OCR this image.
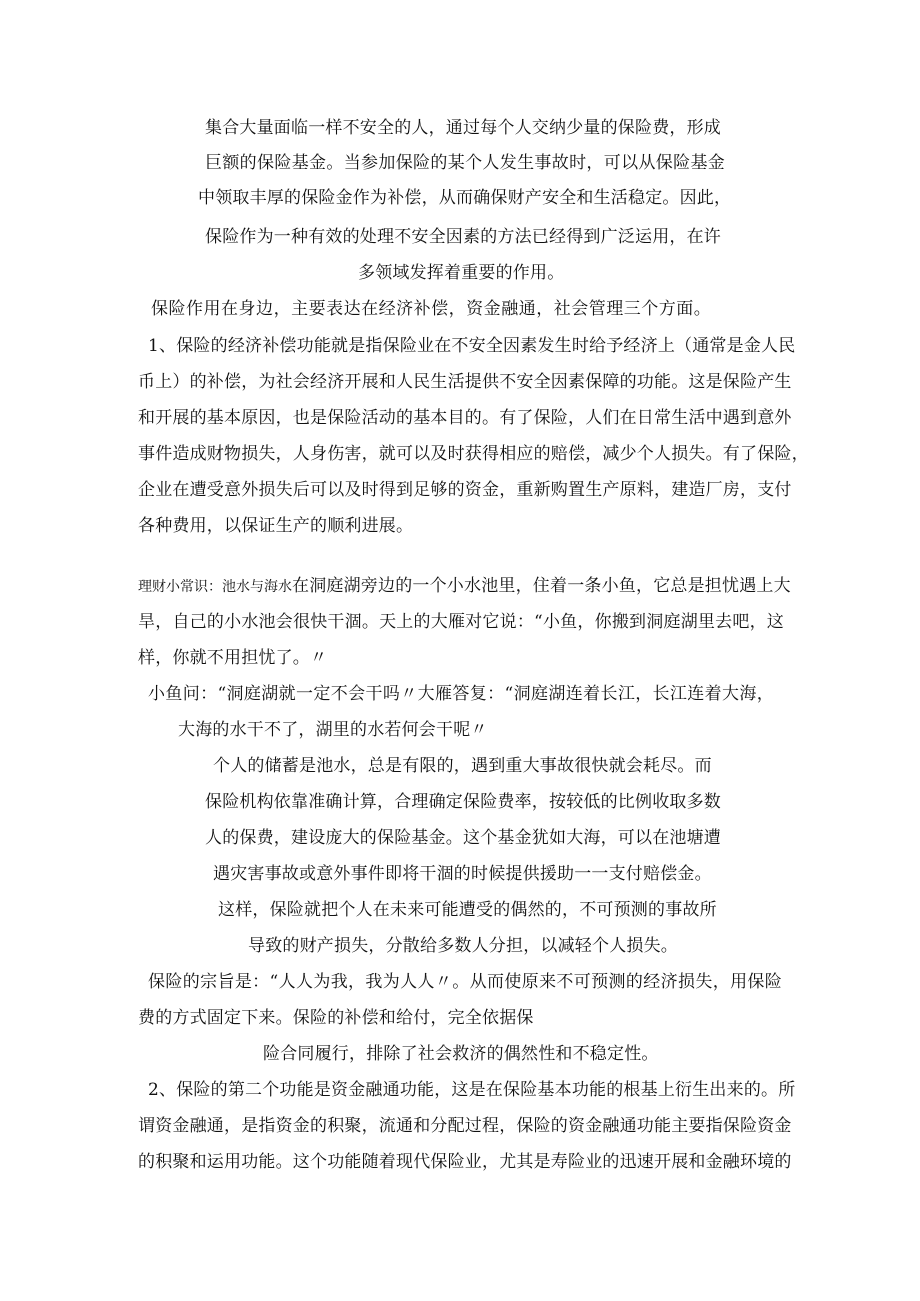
集合大量面临一样不安全的人，通过每个人交纳少量的保险费，形成
巨额的保险基金。当参加保险的某个人发生事故时，可以从保险基金
中领取丰厚的保险金作为补偿，从而确保财产安全和生活稳定。因此，
保险作为一种有效的处理不安全因素的方法已经得到广泛运用，在许
多领域发挥着重要的作用。
保险作用在身边，主要表达在经济补偿，资金融通，社会管理三个方面。
1、保险的经济补偿功能就是指保险业在不安全因素发生时给予经济上（通常是金人民
币上）的补偿，为社会经济开展和人民生活提供不安全因素保障的功能。这是保险产生
和开展的基本原因，也是保险活动的基本目的。有了保险，人们在日常生活中遇到意外
事件造成财物损失，人身伤害，就可以及时获得相应的赔偿，减少个人损失。有了保险，
企业在遭受意外损失后可以及时得到足够的资金，重新购置生产原料，建造厂房，支付
各种费用，以保证生产的顺利进展。
理财小常识：池水与海水 在洞庭湖旁边的一个小水池里，住着一条小鱼，它总是担忧遇上大
旱，自己的小水池会很快干涸。天上的大雁对它说：“小鱼，你搬到洞庭湖里去吧，这
样，你就不用担忧了。〃
小鱼问：“洞庭湖就一定不会干吗〃大雁答复：“洞庭湖连着长江，长江连着大海，
大海的水干不了，湖里的水若何会干呢〃
个人的储蓄是池水，总是有限的，遇到重大事故很快就会耗尽。而
保险机构依靠准确计算，合理确定保险费率，按较低的比例收取多数
人的保费，建设庞大的保险基金。这个基金犹如大海，可以在池塘遭
遇灾害事故或意外事件即将干涸的时候提供援助一一支付赔偿金。
这样，保险就把个人在未来可能遭受的偶然的，不可预测的事故所
导致的财产损失，分散给多数人分担，以减轻个人损失。
保险的宗旨是：“人人为我，我为人人〃。从而使原来不可预测的经济损失，用保险
费的方式固定下来。保险的补偿和给付，完全依据保
险合同履行，排除了社会救济的偶然性和不稳定性。
2、保险的第二个功能是资金融通功能，这是在保险基本功能的根基上衍生出来的。所
谓资金融通，是指资金的积聚，流通和分配过程，保险的资金融通功能主要指保险资金
的积聚和运用功能。这个功能随着现代保险业，尤其是寿险业的迅速开展和金融环境的
